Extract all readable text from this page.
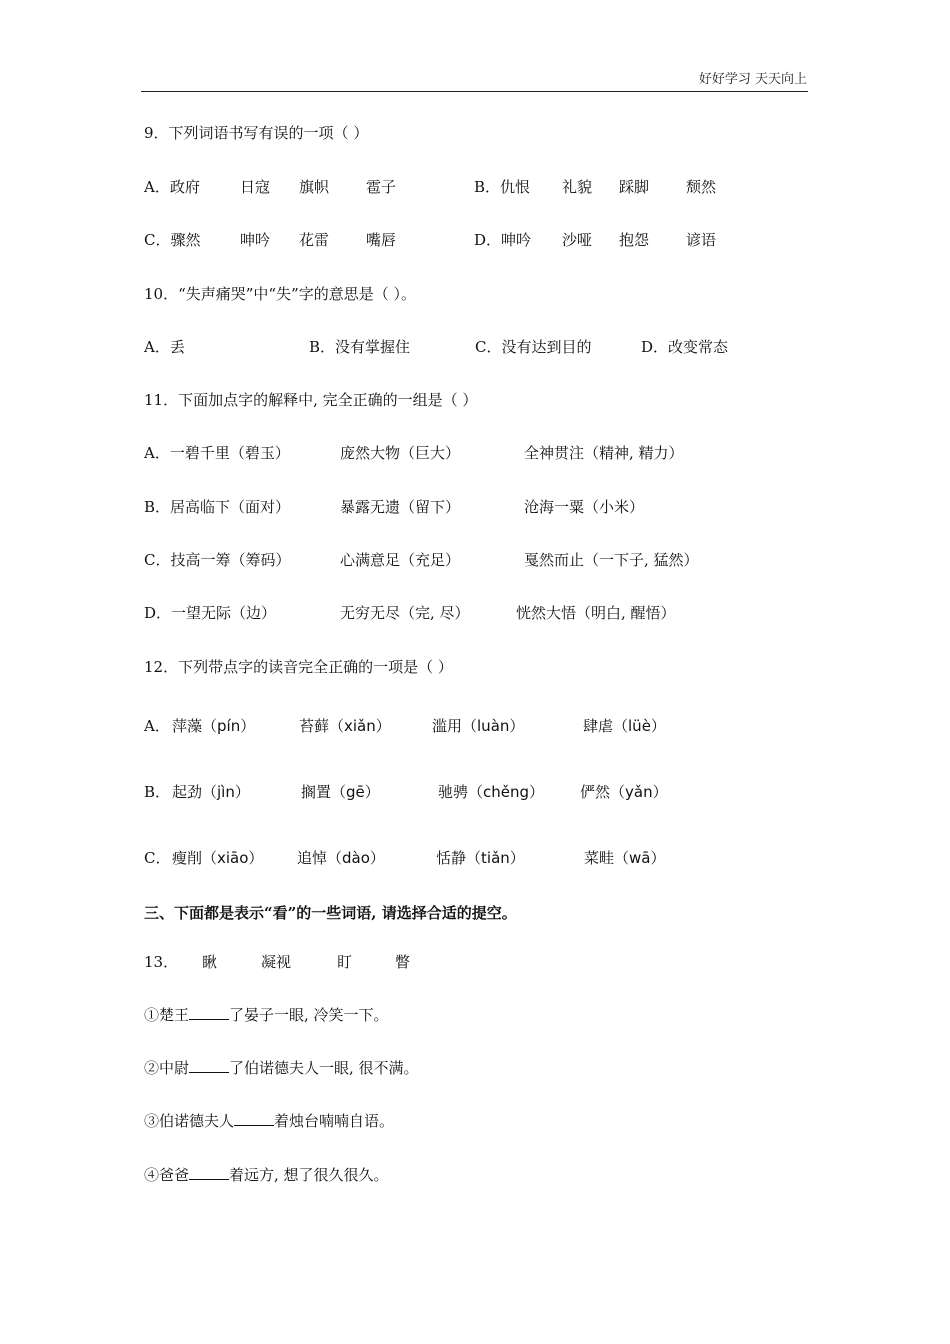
好好学习 天天向上
9．下列词语书写有误的一项（ ）
A．政府	日寇 旗帜 雹子	B．仇恨 礼貌 踩脚 颓然
C．骤然	呻吟 花雷 嘴唇	D．呻吟 沙哑 抱怨 谚语
10．“失声痛哭”中“失”字的意思是（ ）。
A．丢	B．没有掌握住	C．没有达到目的	D．改变常态
11．下面加点字的解释中, 完全正确的一组是（ ）
A．一碧千里（碧玉）	庞然大物（巨大）	全神贯注（精神, 精力）
B．居高临下（面对）	暴露无遗（留下）	沧海一粟（小米）
C．技高一筹（筹码）	心满意足（充足）	戛然而止（一下子, 猛然）
D．一望无际（边）	无穷无尽（完, 尽）	恍然大悟（明白, 醒悟）
12．下列带点字的读音完全正确的一项是（ ）
A． 萍藻（pín）	苔藓（xiǎn）	滥用（luàn）	肆虐（lüè）
B． 起劲（jìn）	搁置（gē）	驰骋（chěng） 俨然（yǎn）
C． 瘦削（xiāo） 追悼（dào）	恬静（tiǎn）	菜畦（wā）
三、下面都是表示“看”的一些词语, 请选择合适的提空。
13． 瞅	凝视	盯	瞥
①楚王	了晏子一眼, 冷笑一下。
②中尉	了伯诺德夫人一眼, 很不满。
③伯诺德夫人	着烛台喃喃自语。
④爸爸	着远方, 想了很久很久。
